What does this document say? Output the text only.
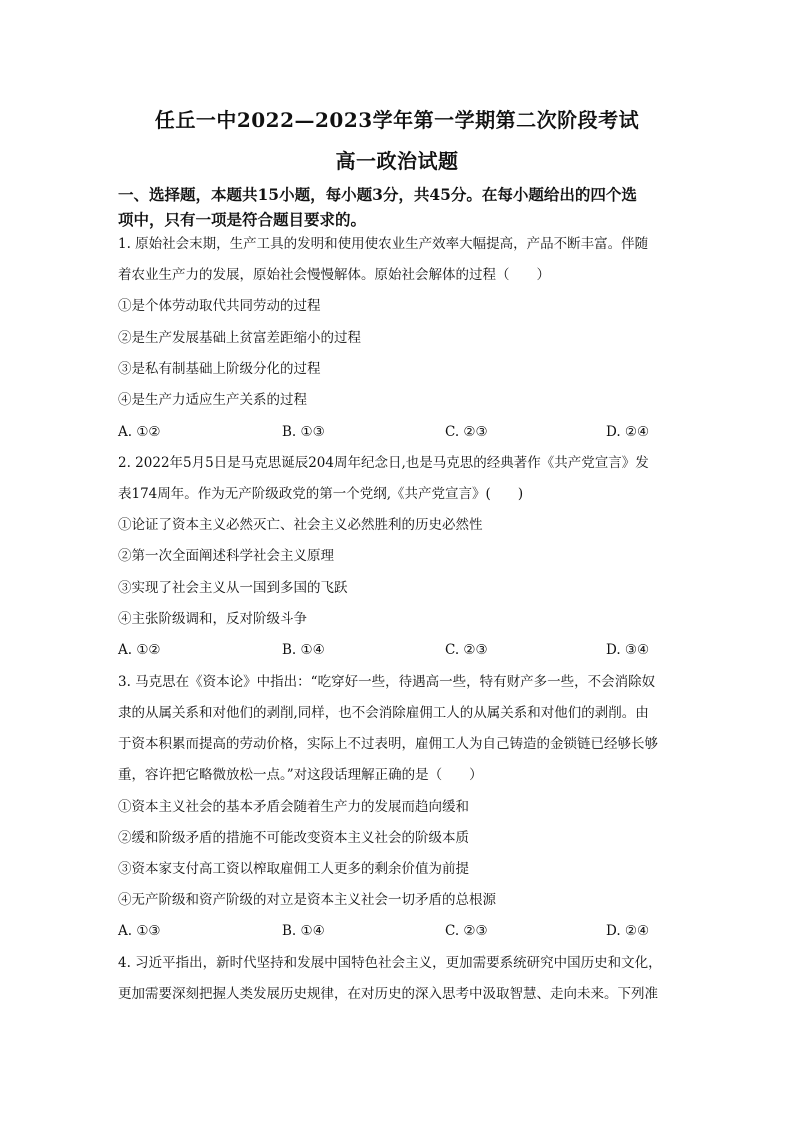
任丘一中2022—2023学年第一学期第二次阶段考试
高一政治试题
一、选择题，本题共15小题，每小题3分，共45分。在每小题给出的四个选
项中，只有一项是符合题目要求的。
1. 原始社会末期，生产工具的发明和使用使农业生产效率大幅提高，产品不断丰富。伴随
着农业生产力的发展，原始社会慢慢解体。原始社会解体的过程（　　）
①是个体劳动取代共同劳动的过程
②是生产发展基础上贫富差距缩小的过程
③是私有制基础上阶级分化的过程
④是生产力适应生产关系的过程
A. ①②	B. ①③	C. ②③	D. ②④
2. 2022年5月5日是马克思诞辰204周年纪念日,也是马克思的经典著作《共产党宣言》发
表174周年。作为无产阶级政党的第一个党纲,《共产党宣言》(　　)
①论证了资本主义必然灭亡、社会主义必然胜利的历史必然性
②第一次全面阐述科学社会主义原理
③实现了社会主义从一国到多国的飞跃
④主张阶级调和，反对阶级斗争
A. ①②	B. ①④	C. ②③	D. ③④
3. 马克思在《资本论》中指出：“吃穿好一些，待遇高一些，特有财产多一些，不会消除奴
隶的从属关系和对他们的剥削,同样，也不会消除雇佣工人的从属关系和对他们的剥削。由
于资本积累而提高的劳动价格，实际上不过表明，雇佣工人为自己铸造的金锁链已经够长够
重，容许把它略微放松一点。”对这段话理解正确的是（　　）
①资本主义社会的基本矛盾会随着生产力的发展而趋向缓和
②缓和阶级矛盾的措施不可能改变资本主义社会的阶级本质
③资本家支付高工资以榨取雇佣工人更多的剩余价值为前提
④无产阶级和资产阶级的对立是资本主义社会一切矛盾的总根源
A. ①③	B. ①④	C. ②③	D. ②④
4. 习近平指出，新时代坚持和发展中国特色社会主义，更加需要系统研究中国历史和文化，
更加需要深刻把握人类发展历史规律，在对历史的深入思考中汲取智慧、走向未来。下列准
